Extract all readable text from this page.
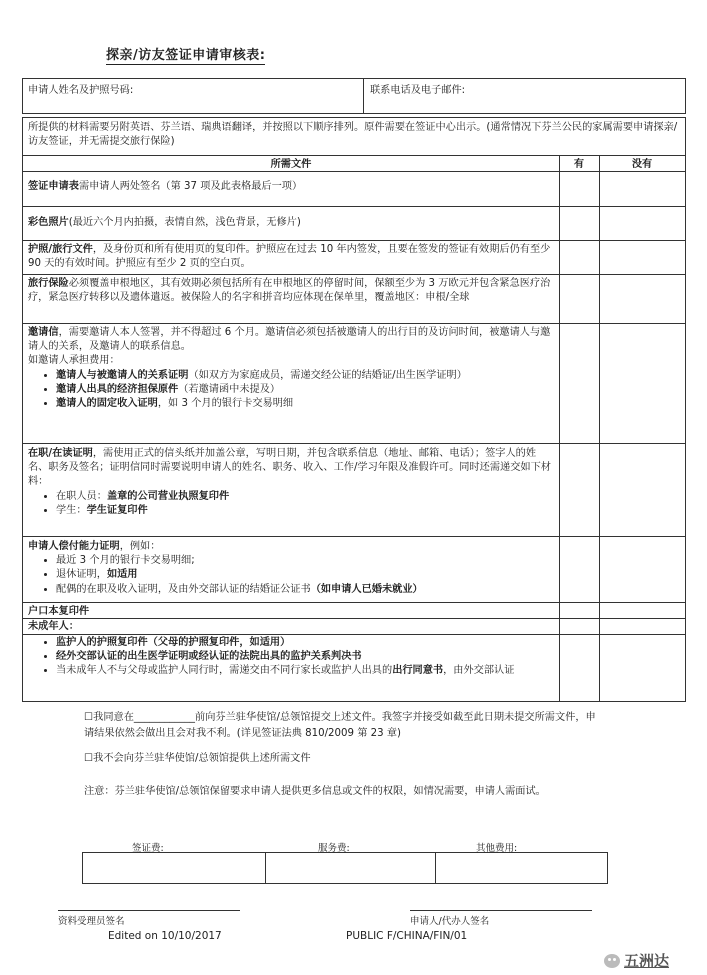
探亲/访友签证申请审核表:
申请人姓名及护照号码:	联系电话及电子邮件:
所提供的材料需要另附英语、芬兰语、瑞典语翻译，并按照以下顺序排列。原件需要在签证中心出示。(通常情况下芬兰公民的家属需要申请探亲/访友签证，并无需提交旅行保险)
所需文件	有	没有
签证申请表需申请人两处签名（第 37 项及此表格最后一项）
彩色照片(最近六个月内拍摄，表情自然，浅色背景，无修片)
护照/旅行文件，及身份页和所有使用页的复印件。护照应在过去 10 年内签发，且要在签发的签证有效期后仍有至少 90 天的有效时间。护照应有至少 2 页的空白页。
旅行保险必须覆盖申根地区，其有效期必须包括所有在申根地区的停留时间，保额至少为 3 万欧元并包含紧急医疗治疗，紧急医疗转移以及遗体遣返。被保险人的名字和拼音均应体现在保单里，覆盖地区：申根/全球
邀请信，需要邀请人本人签署，并不得超过 6 个月。邀请信必须包括被邀请人的出行目的及访问时间，被邀请人与邀请人的关系，及邀请人的联系信息。
如邀请人承担费用：
• 邀请人与被邀请人的关系证明（如双方为家庭成员，需递交经公证的结婚证/出生医学证明）
• 邀请人出具的经济担保原件（若邀请函中未提及）
• 邀请人的固定收入证明，如 3 个月的银行卡交易明细
在职/在读证明，需使用正式的信头纸并加盖公章，写明日期，并包含联系信息（地址、邮箱、电话）；签字人的姓名、职务及签名；证明信同时需要说明申请人的姓名、职务、收入、工作/学习年限及准假许可。同时还需递交如下材料：
• 在职人员：盖章的公司营业执照复印件
• 学生：学生证复印件
申请人偿付能力证明，例如：
• 最近 3 个月的银行卡交易明细;
• 退休证明，如适用
• 配偶的在职及收入证明，及由外交部认证的结婚证公证书（如申请人已婚未就业）
户口本复印件
未成年人：
• 监护人的护照复印件（父母的护照复印件，如适用）
• 经外交部认证的出生医学证明或经认证的法院出具的监护关系判决书
• 当未成年人不与父母或监护人同行时，需递交由不同行家长或监护人出具的出行同意书，由外交部认证
☐我同意在____________前向芬兰驻华使馆/总领馆提交上述文件。我签字并接受如截至此日期未提交所需文件，申请结果依然会做出且会对我不利。(详见签证法典 810/2009 第 23 章)
☐我不会向芬兰驻华使馆/总领馆提供上述所需文件
注意：芬兰驻华使馆/总领馆保留要求申请人提供更多信息或文件的权限，如情况需要，申请人需面试。
签证费:	服务费:	其他费用:
资料受理员签名	申请人/代办人签名
Edited on 10/10/2017	PUBLIC F/CHINA/FIN/01
五洲达
